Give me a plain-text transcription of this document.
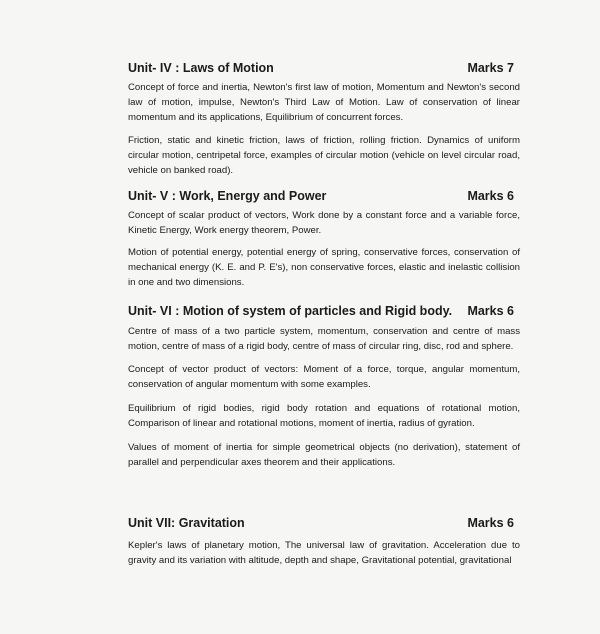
Unit- IV : Laws of Motion	Marks 7

Concept of force and inertia, Newton's first law of motion, Momentum and Newton's second law of motion, impulse, Newton's Third Law of Motion. Law of conservation of linear momentum and its applications, Equilibrium of concurrent forces.

Friction, static and kinetic friction, laws of friction, rolling friction. Dynamics of uniform circular motion, centripetal force, examples of circular motion (vehicle on level circular road, vehicle on banked road).

Unit- V : Work, Energy and Power	Marks 6

Concept of scalar product of vectors, Work done by a constant force and a variable force, Kinetic Energy, Work energy theorem, Power.

Motion of potential energy, potential energy of spring, conservative forces, conservation of mechanical energy (K. E. and P. E's), non conservative forces, elastic and inelastic collision in one and two dimensions.

Unit- VI : Motion of system of particles and Rigid body. Marks 6

Centre of mass of a two particle system, momentum, conservation and centre of mass motion, centre of mass of a rigid body, centre of mass of circular ring, disc, rod and sphere.

Concept of vector product of vectors: Moment of a force, torque, angular momentum, conservation of angular momentum with some examples.

Equilibrium of rigid bodies, rigid body rotation and equations of rotational motion, Comparison of linear and rotational motions, moment of inertia, radius of gyration.

Values of moment of inertia for simple geometrical objects (no derivation), statement of parallel and perpendicular axes theorem and their applications.

Unit VII: Gravitation	Marks 6

Kepler's laws of planetary motion, The universal law of gravitation. Acceleration due to gravity and its variation with altitude, depth and shape, Gravitational potential, gravitational
